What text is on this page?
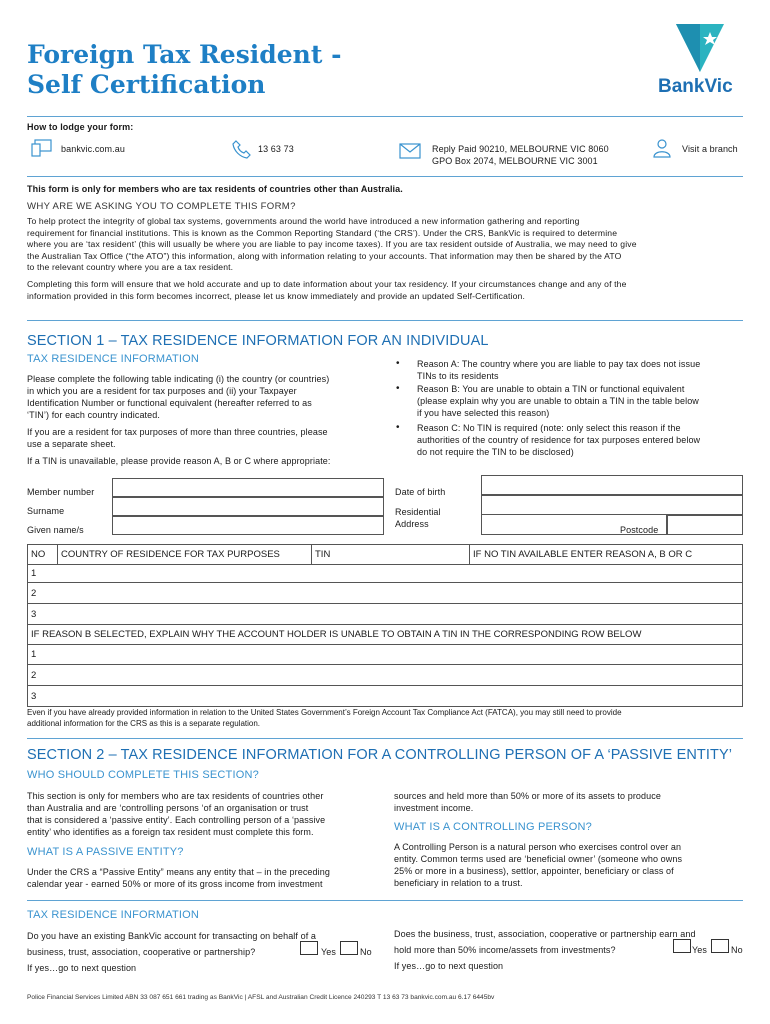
Foreign Tax Resident -
Self Certification	BankVic
How to lodge your form:
bankvic.com.au	13 63 73	Reply Paid 90210, MELBOURNE VIC 8060
GPO Box 2074, MELBOURNE VIC 3001
Visit a branch
This form is only for members who are tax residents of countries other than Australia.
WHY ARE WE ASKING YOU TO COMPLETE THIS FORM?
To help protect the integrity of global tax systems, governments around the world have introduced a new information gathering and reporting
requirement for financial institutions. This is known as the Common Reporting Standard (‘the CRS’). Under the CRS, BankVic is required to determine
where you are ‘tax resident’ (this will usually be where you are liable to pay income taxes). If you are tax resident outside of Australia, we may need to give
the Australian Tax Office (“the ATO”) this information, along with information relating to your accounts. That information may then be shared by the ATO
to the relevant country where you are a tax resident.
Completing this form will ensure that we hold accurate and up to date information about your tax residency. If your circumstances change and any of the
information provided in this form becomes incorrect, please let us know immediately and provide an updated Self-Certification.
SECTION 1 – TAX RESIDENCE INFORMATION FOR AN INDIVIDUAL
TAX RESIDENCE INFORMATION
Please complete the following table indicating (i) the country (or countries)
in which you are a resident for tax purposes and (ii) your Taxpayer
Identification Number or functional equivalent (hereafter referred to as
‘TIN’) for each country indicated.
If you are a resident for tax purposes of more than three countries, please
use a separate sheet.
If a TIN is unavailable, please provide reason A, B or C where appropriate:
• Reason A: The country where you are liable to pay tax does not issue
TINs to its residents
• Reason B: You are unable to obtain a TIN or functional equivalent
(please explain why you are unable to obtain a TIN in the table below
if you have selected this reason)
• Reason C: No TIN is required (note: only select this reason if the
authorities of the country of residence for tax purposes entered below
do not require the TIN to be disclosed)
Member number
Surname
Given name/s
Date of birth
Residential
Address
Postcode
NO	COUNTRY OF RESIDENCE FOR TAX PURPOSES	TIN	IF NO TIN AVAILABLE ENTER REASON A, B OR C
1
2
3
IF REASON B SELECTED, EXPLAIN WHY THE ACCOUNT HOLDER IS UNABLE TO OBTAIN A TIN IN THE CORRESPONDING ROW BELOW
1
2
3
Even if you have already provided information in relation to the United States Government’s Foreign Account Tax Compliance Act (FATCA), you may still need to provide
additional information for the CRS as this is a separate regulation.
SECTION 2 – TAX RESIDENCE INFORMATION FOR A CONTROLLING PERSON OF A ‘PASSIVE ENTITY’
WHO SHOULD COMPLETE THIS SECTION?
This section is only for members who are tax residents of countries other
than Australia and are ‘controlling persons ‘of an organisation or trust
that is considered a ‘passive entity’. Each controlling person of a ‘passive
entity’ who identifies as a foreign tax resident must complete this form.
WHAT IS A PASSIVE ENTITY?
Under the CRS a “Passive Entity” means any entity that – in the preceding
calendar year - earned 50% or more of its gross income from investment
sources and held more than 50% or more of its assets to produce
investment income.
WHAT IS A CONTROLLING PERSON?
A Controlling Person is a natural person who exercises control over an
entity. Common terms used are ‘beneficial owner’ (someone who owns
25% or more in a business), settlor, appointer, beneficiary or class of
beneficiary in relation to a trust.
TAX RESIDENCE INFORMATION
Do you have an existing BankVic account for transacting on behalf of a
business, trust, association, cooperative or partnership?	Yes	No
If yes…go to next question
Does the business, trust, association, cooperative or partnership earn and
hold more than 50% income/assets from investments?	Yes	No
If yes…go to next question
Police Financial Services Limited ABN 33 087 651 661 trading as BankVic | AFSL and Australian Credit Licence 240293 T 13 63 73 bankvic.com.au 6.17 6445bv
